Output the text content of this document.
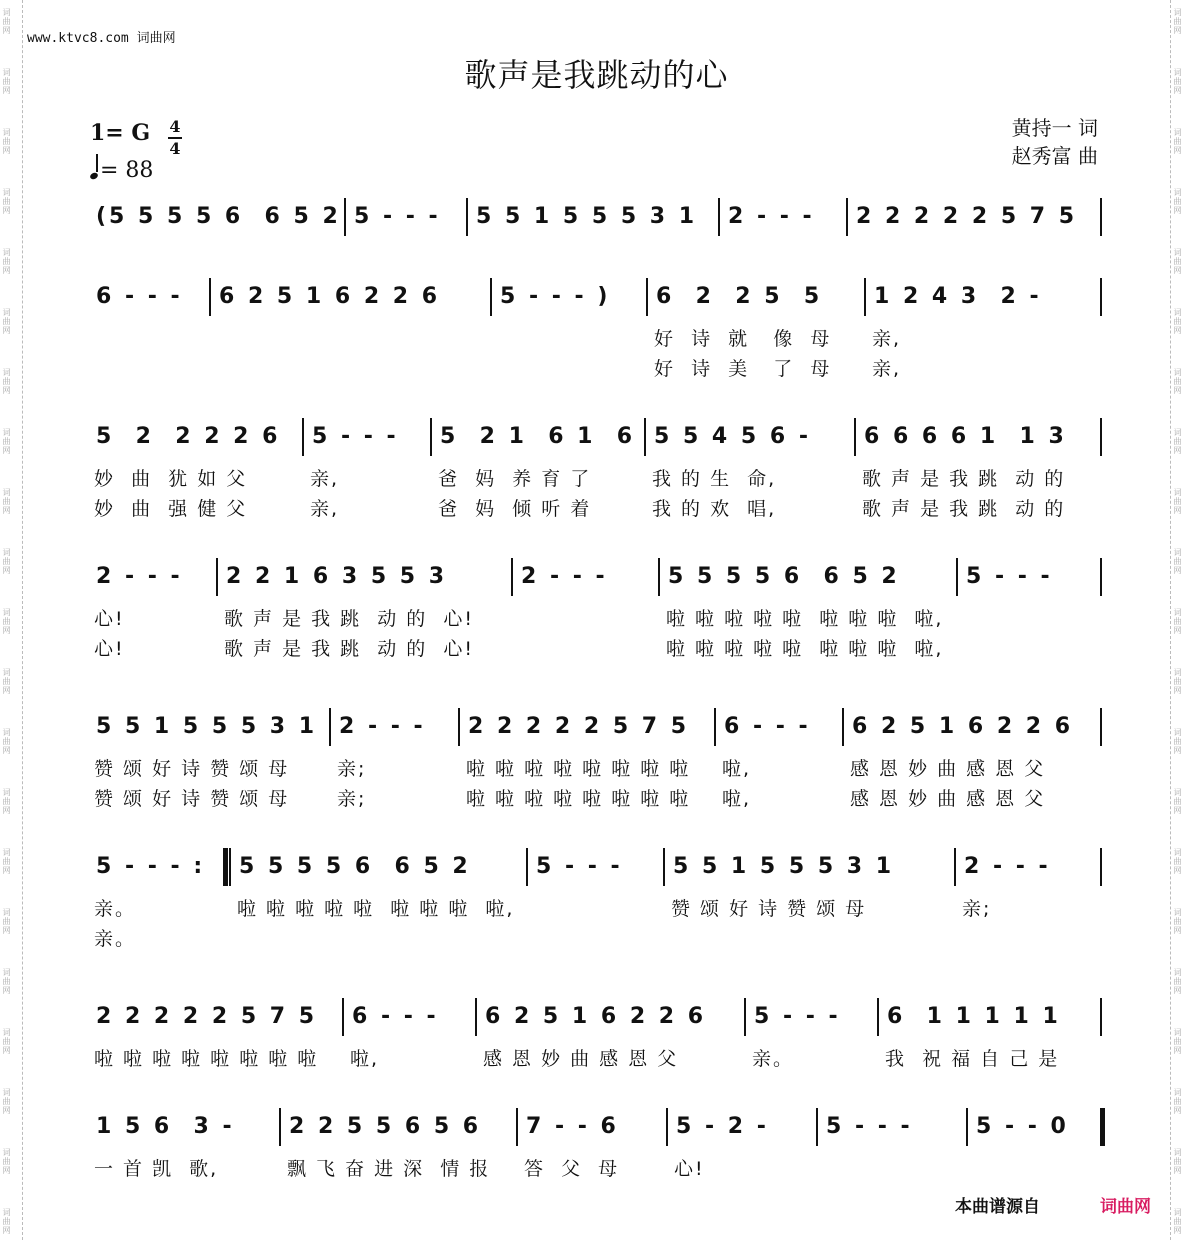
词曲网
词曲网
词曲网
词曲网
词曲网
词曲网
词曲网
词曲网
词曲网
词曲网
词曲网
词曲网
词曲网
词曲网
词曲网
词曲网
词曲网
词曲网
词曲网
词曲网
词曲网
词曲网
词曲网
词曲网
词曲网
词曲网
词曲网
词曲网
词曲网
词曲网
词曲网
词曲网
词曲网
词曲网
词曲网
词曲网
词曲网
词曲网
词曲网
词曲网
词曲网
词曲网
www.ktvc8.com 词曲网
歌声是我跳动的心
1= G 4
4
= 88
黄持一 词
赵秀富 曲
(5 5 5 5 6  6 5 2 5 - - - 5 5 1 5 5 5 3 1 2 - - - 2 2 2 2 2 5 7 5
6 - - - 6 2 5 1 6 2 2 6	5 - - - ) 6  2  2 5  5 1 2 4 3  2 -
好  诗  就   像  母 亲,
好  诗  美   了  母 亲,
5  2  2 2 2 6 5 - - - 5  2 1  6 1  6 5 5 4 5 6 - 6 6 6 6 1  1 3
妙  曲  犹 如 父	亲,	爸  妈  养 育 了	我 的 生  命,	歌 声 是 我 跳  动 的
妙  曲  强 健 父	亲,	爸  妈  倾 听 着	我 的 欢  唱,	歌 声 是 我 跳  动 的
2 - - - 2 2 1 6 3 5 5 3	2 - - -	5 5 5 5 6  6 5 2	5 - - -
心!	歌 声 是 我 跳  动 的  心!	啦 啦 啦 啦 啦  啦 啦 啦  啦,
心!	歌 声 是 我 跳  动 的  心!	啦 啦 啦 啦 啦  啦 啦 啦  啦,
5 5 1 5 5 5 3 1 2 - - - 2 2 2 2 2 5 7 5 6 - - - 6 2 5 1 6 2 2 6
赞 颂 好 诗 赞 颂 母	亲;	啦 啦 啦 啦 啦 啦 啦 啦 啦,	感 恩 妙 曲 感 恩 父
赞 颂 好 诗 赞 颂 母	亲;	啦 啦 啦 啦 啦 啦 啦 啦 啦,	感 恩 妙 曲 感 恩 父
5 - - - : 5 5 5 5 6  6 5 2	5 - - - 5 5 1 5 5 5 3 1	2 - - -
亲。	啦 啦 啦 啦 啦  啦 啦 啦  啦,	赞 颂 好 诗 赞 颂 母	亲;
亲。
2 2 2 2 2 5 7 5 6 - - - 6 2 5 1 6 2 2 6 5 - - - 6  1 1 1 1 1
啦 啦 啦 啦 啦 啦 啦 啦 啦,	感 恩 妙 曲 感 恩 父	亲。	我  祝 福 自 己 是
1 5 6  3 - 2 2 5 5 6 5 6 7 - - 6	5 - 2 -	5 - - -	5 - - 0
一 首 凯  歌,	飘 飞 奋 进 深  情 报 答  父  母	心!
本曲谱源自	词曲网
